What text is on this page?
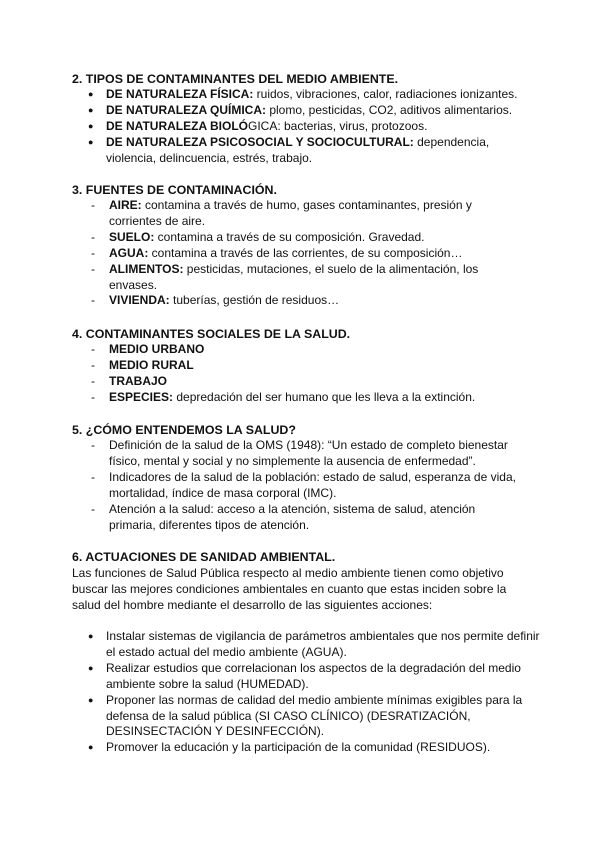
2. TIPOS DE CONTAMINANTES DEL MEDIO AMBIENTE.
● DE NATURALEZA FÍSICA: ruidos, vibraciones, calor, radiaciones ionizantes.
● DE NATURALEZA QUÍMICA: plomo, pesticidas, CO2, aditivos alimentarios.
● DE NATURALEZA BIOLÓGICA: bacterias, virus, protozoos.
● DE NATURALEZA PSICOSOCIAL Y SOCIOCULTURAL: dependencia, violencia, delincuencia, estrés, trabajo.
3. FUENTES DE CONTAMINACIÓN.
- AIRE: contamina a través de humo, gases contaminantes, presión y corrientes de aire.
- SUELO: contamina a través de su composición. Gravedad.
- AGUA: contamina a través de las corrientes, de su composición…
- ALIMENTOS: pesticidas, mutaciones, el suelo de la alimentación, los envases.
- VIVIENDA: tuberías, gestión de residuos…
4. CONTAMINANTES SOCIALES DE LA SALUD.
- MEDIO URBANO
- MEDIO RURAL
- TRABAJO
- ESPECIES: depredación del ser humano que les lleva a la extinción.
5. ¿CÓMO ENTENDEMOS LA SALUD?
- Definición de la salud de la OMS (1948): “Un estado de completo bienestar físico, mental y social y no simplemente la ausencia de enfermedad”.
- Indicadores de la salud de la población: estado de salud, esperanza de vida, mortalidad, índice de masa corporal (IMC).
- Atención a la salud: acceso a la atención, sistema de salud, atención primaria, diferentes tipos de atención.
6. ACTUACIONES DE SANIDAD AMBIENTAL.

Las funciones de Salud Pública respecto al medio ambiente tienen como objetivo buscar las mejores condiciones ambientales en cuanto que estas inciden sobre la salud del hombre mediante el desarrollo de las siguientes acciones:

● Instalar sistemas de vigilancia de parámetros ambientales que nos permite definir el estado actual del medio ambiente (AGUA).
● Realizar estudios que correlacionan los aspectos de la degradación del medio ambiente sobre la salud (HUMEDAD).
● Proponer las normas de calidad del medio ambiente mínimas exigibles para la defensa de la salud pública (SI CASO CLÍNICO) (DESRATIZACIÓN, DESINSECTACIÓN Y DESINFECCIÓN).
● Promover la educación y la participación de la comunidad (RESIDUOS).
